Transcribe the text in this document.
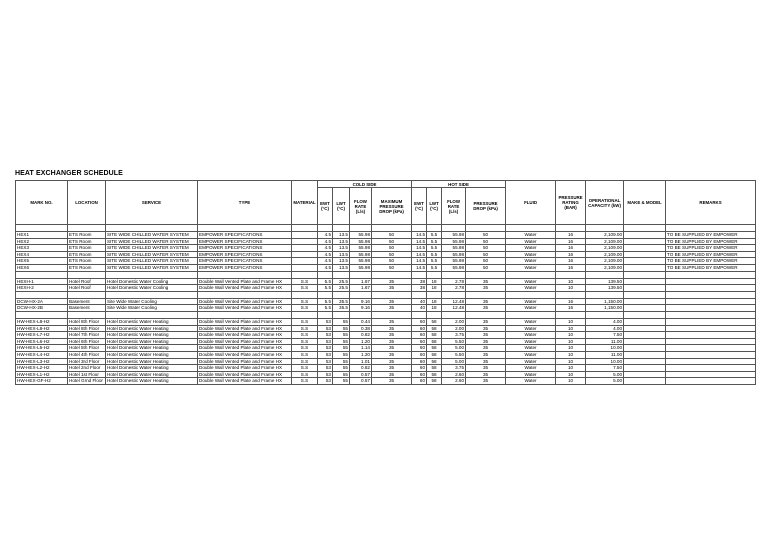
HEAT EXCHANGER SCHEDULE
MARK NO.	LOCATION	SERVICE	TYPE	MATERIAL	COLD SIDE				HOT SIDE				FLUID	PRESSURE RATING (BAR)	OPERATIONAL CAPACITY (kW)	MAKE & MODEL	REMARKS
					EWT (°C)	LWT (°C)	FLOW RATE (L/s)	MAXIMUM PRESSURE DROP (kPa)	EWT (°C)	LWT (°C)	FLOW RATE (L/s)	PRESSURE DROP (kPa)					

HEX1	ETS Room	SITE WIDE CHILLED WATER SYSTEM	EMPOWER SPECIFICATIONS		4.5	13.5	55.98	50	14.5	5.5	55.98	50	Water	16	2,109.00		TO BE SUPPLIED BY EMPOWER
HEX2	ETS Room	SITE WIDE CHILLED WATER SYSTEM	EMPOWER SPECIFICATIONS		4.5	13.5	55.98	50	14.5	5.5	55.98	50	Water	16	2,109.00		TO BE SUPPLIED BY EMPOWER
HEX3	ETS Room	SITE WIDE CHILLED WATER SYSTEM	EMPOWER SPECIFICATIONS		4.5	13.5	55.98	50	14.5	5.5	55.98	50	Water	16	2,109.00		TO BE SUPPLIED BY EMPOWER
HEX4	ETS Room	SITE WIDE CHILLED WATER SYSTEM	EMPOWER SPECIFICATIONS		4.5	13.5	55.98	50	14.5	5.5	55.98	50	Water	16	2,109.00		TO BE SUPPLIED BY EMPOWER
HEX5	ETS Room	SITE WIDE CHILLED WATER SYSTEM	EMPOWER SPECIFICATIONS		4.5	13.5	55.98	50	14.5	5.5	55.98	50	Water	16	2,109.00		TO BE SUPPLIED BY EMPOWER
HEX6	ETS Room	SITE WIDE CHILLED WATER SYSTEM	EMPOWER SPECIFICATIONS		4.5	13.5	55.98	50	14.5	5.5	55.98	50	Water	16	2,109.00		TO BE SUPPLIED BY EMPOWER

HEXH-1	Hotel Roof	Hotel Domestic Water Cooling	Double Wall Vented Plate and Frame HX	S.S	5.5	25.5	1.67	35	38	18	2.78	35	Water	10	139.50		
HEXH-2	Hotel Roof	Hotel Domestic Water Cooling	Double Wall Vented Plate and Frame HX	S.S	5.5	25.5	1.67	35	38	18	2.78	35	Water	10	139.50		

DCW-HX-2A	Basement	Site Wide Water Cooling	Double Wall Vented Plate and Frame HX	S.S	5.5	35.5	9.16	35	40	18	12.48	35	Water	16	1,150.00		
DCW-HX-2B	Basement	Site Wide Water Cooling	Double Wall Vented Plate and Frame HX	S.S	5.5	35.5	9.16	35	40	18	12.48	35	Water	16	1,150.00		

HW-HEX-L8-H2	Hotel 8th Floor	Hotel Domestic Water Heating	Double Wall Vented Plate and Frame HX	S.S	53	55	0.44	35	60	58	2.00	35	Water	10	4.00		
HW-HEX-L8-H2	Hotel 8th Floor	Hotel Domestic Water Heating	Double Wall Vented Plate and Frame HX	S.S	53	55	0.38	35	60	58	2.00	35	Water	10	4.00		
HW-HEX-L7-H2	Hotel 7th Floor	Hotel Domestic Water Heating	Double Wall Vented Plate and Frame HX	S.S	53	55	0.82	35	60	58	3.75	35	Water	10	7.50		
HW-HEX-L6-H2	Hotel 6th Floor	Hotel Domestic Water Heating	Double Wall Vented Plate and Frame HX	S.S	53	55	1.20	35	60	58	5.50	35	Water	10	11.00		
HW-HEX-L5-H2	Hotel 5th Floor	Hotel Domestic Water Heating	Double Wall Vented Plate and Frame HX	S.S	53	55	1.14	35	60	58	5.00	35	Water	10	10.00		
HW-HEX-L4-H2	Hotel 4th Floor	Hotel Domestic Water Heating	Double Wall Vented Plate and Frame HX	S.S	53	55	1.20	35	60	58	5.50	35	Water	10	11.00		
HW-HEX-L3-H2	Hotel 3rd Floor	Hotel Domestic Water Heating	Double Wall Vented Plate and Frame HX	S.S	53	55	1.01	35	60	58	5.00	35	Water	10	10.00		
HW-HEX-L2-H2	Hotel 2nd Floor	Hotel Domestic Water Heating	Double Wall Vented Plate and Frame HX	S.S	53	55	0.82	35	60	58	3.75	35	Water	10	7.50		
HW-HEX-L1-H2	Hotel 1st Floor	Hotel Domestic Water Heating	Double Wall Vented Plate and Frame HX	S.S	53	55	0.57	35	60	58	2.60	35	Water	10	5.00		
HW-HEX-GF-H2	Hotel Grnd Floor	Hotel Domestic Water Heating	Double Wall Vented Plate and Frame HX	S.S	53	55	0.57	35	60	58	2.60	35	Water	10	5.00		
